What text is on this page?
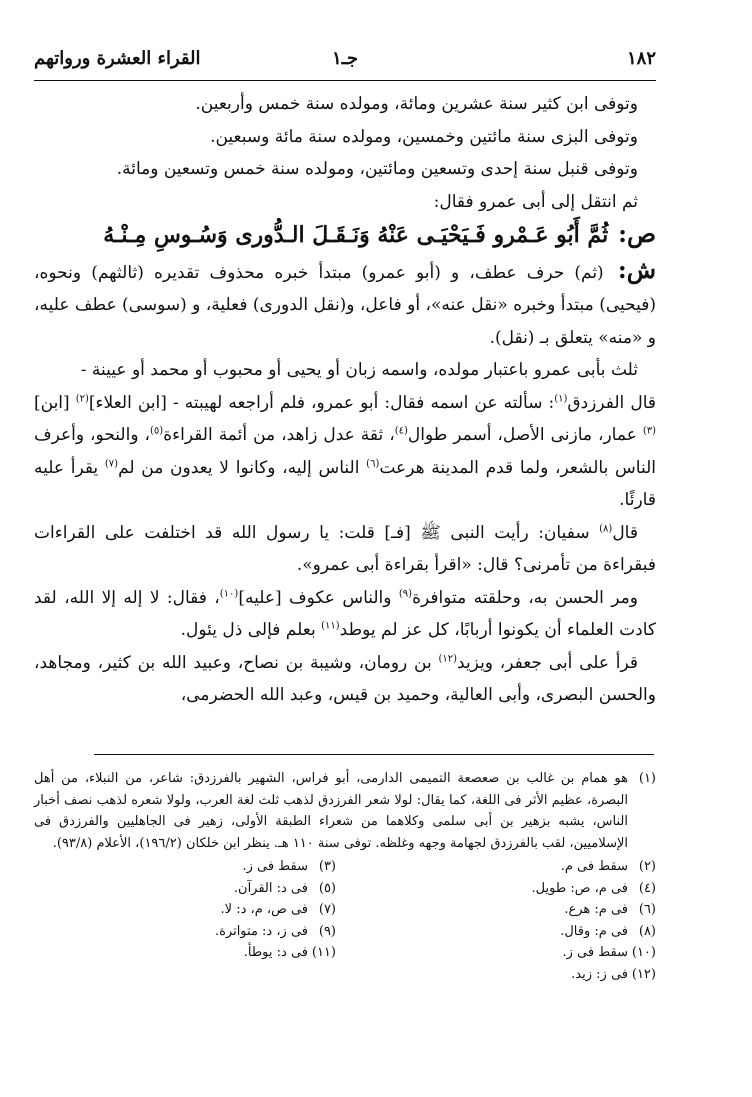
١٨٢
جـ١
القراء العشرة ورواتهم

وتوفى ابن كثير سنة عشرين ومائة، ومولده سنة خمس وأربعين.

وتوفى البزى سنة مائتين وخمسين، ومولده سنة مائة وسبعين.

وتوفى قنبل سنة إحدى وتسعين ومائتين، ومولده سنة خمس وتسعين ومائة.

ثم انتقل إلى أبى عمرو فقال:

ص: ثُمَّ أَبُو عَـمْرو فَـيَحْيَـى عَنْهُ وَنَـقَـلَ الـدُّورى وَسُـوسِ مِـنْـهُ

ش: (ثم) حرف عطف، و (أبو عمرو) مبتدأ خبره محذوف تقديره (ثالثهم) ونحوه، (فيحيى) مبتدأ وخبره «نقل عنه»، أو فاعل، و(نقل الدورى) فعلية، و (سوسى) عطف عليه، و «منه» يتعلق بـ (نقل).

ثلث بأبى عمرو باعتبار مولده، واسمه زبان أو يحيى أو محبوب أو محمد أو عيينة -

قال الفرزدق$^{(١)}$: سألته عن اسمه فقال: أبو عمرو، فلم أراجعه لهيبته - [ابن العلاء]$^{(٢)}$ [ابن]$^{(٣)}$ عمار، مازنى الأصل، أسمر طوال$^{(٤)}$، ثقة عدل زاهد، من أئمة القراءة$^{(٥)}$، والنحو، وأعرف الناس بالشعر، ولما قدم المدينة هرعت$^{(٦)}$ الناس إليه، وكانوا لا يعدون من لم$^{(٧)}$ يقرأ عليه قارئًا.

قال$^{(٨)}$ سفيان: رأيت النبى ﷺ [فـ] قلت: يا رسول الله قد اختلفت على القراءات فبقراءة من تأمرنى؟ قال: «اقرأ بقراءة أبى عمرو».

ومر الحسن به، وحلقته متوافرة$^{(٩)}$ والناس عكوف [عليه]$^{(١٠)}$، فقال: لا إله إلا الله، لقد كادت العلماء أن يكونوا أربابًا، كل عز لم يوطد$^{(١١)}$ بعلم فإلى ذل يئول.

قرأ على أبى جعفر، ويزيد$^{(١٢)}$ بن رومان، وشيبة بن نصاح، وعبيد الله بن كثير، ومجاهد، والحسن البصرى، وأبى العالية، وحميد بن قيس، وعبد الله الحضرمى،

(١)
هو همام بن غالب بن صعصعة التميمى الدارمى، أبو فراس، الشهير بالفرزدق: شاعر، من النبلاء، من أهل البصرة، عظيم الأثر فى اللغة، كما يقال: لولا شعر الفرزدق لذهب ثلث لغة العرب، ولولا شعره لذهب نصف أخبار الناس، يشبه بزهير بن أبى سلمى وكلاهما من شعراء الطبقة الأولى، زهير فى الجاهليين والفرزدق فى الإسلاميين، لقب بالفرزدق لجهامة وجهه وغلظه. توفى سنة ١١٠ هـ. ينظر ابن خلكان (١٩٦/٢)، الأعلام (٩٣/٨).
(٢)
سقط فى م.
(٣)
سقط فى ز.
(٤)
فى م، ص: طويل.
(٥)
فى د: القرآن.
(٦)
فى م: هرع.
(٧)
فى ص، م، د: لا.
(٨)
فى م: وقال.
(٩)
فى ز، د: متواترة.
(١٠)
سقط فى ز.
(١١)
فى د: يوطأ.
(١٢)
فى ز: زيد.
